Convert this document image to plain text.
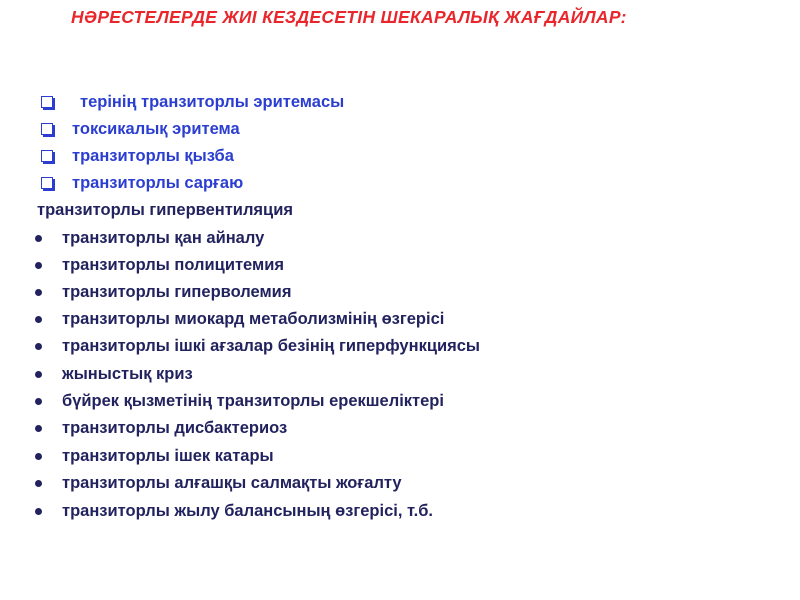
НӘРЕСТЕЛЕРДЕ ЖИІ КЕЗДЕСЕТІН ШЕКАРАЛЫҚ ЖАҒДАЙЛАР:
терінің транзиторлы эритемасы
токсикалық эритема
транзиторлы қызба
транзиторлы сарғаю
транзиторлы гипервентиляция
транзиторлы қан айналу
транзиторлы полицитемия
транзиторлы гиперволемия
транзиторлы миокард метаболизмінің өзгерісі
транзиторлы ішкі ағзалар безінің гиперфункциясы
жыныстық криз
бүйрек қызметінің транзиторлы ерекшеліктері
транзиторлы дисбактериоз
транзиторлы ішек катары
транзиторлы алғашқы салмақты жоғалту
транзиторлы жылу балансының өзгерісі, т.б.
